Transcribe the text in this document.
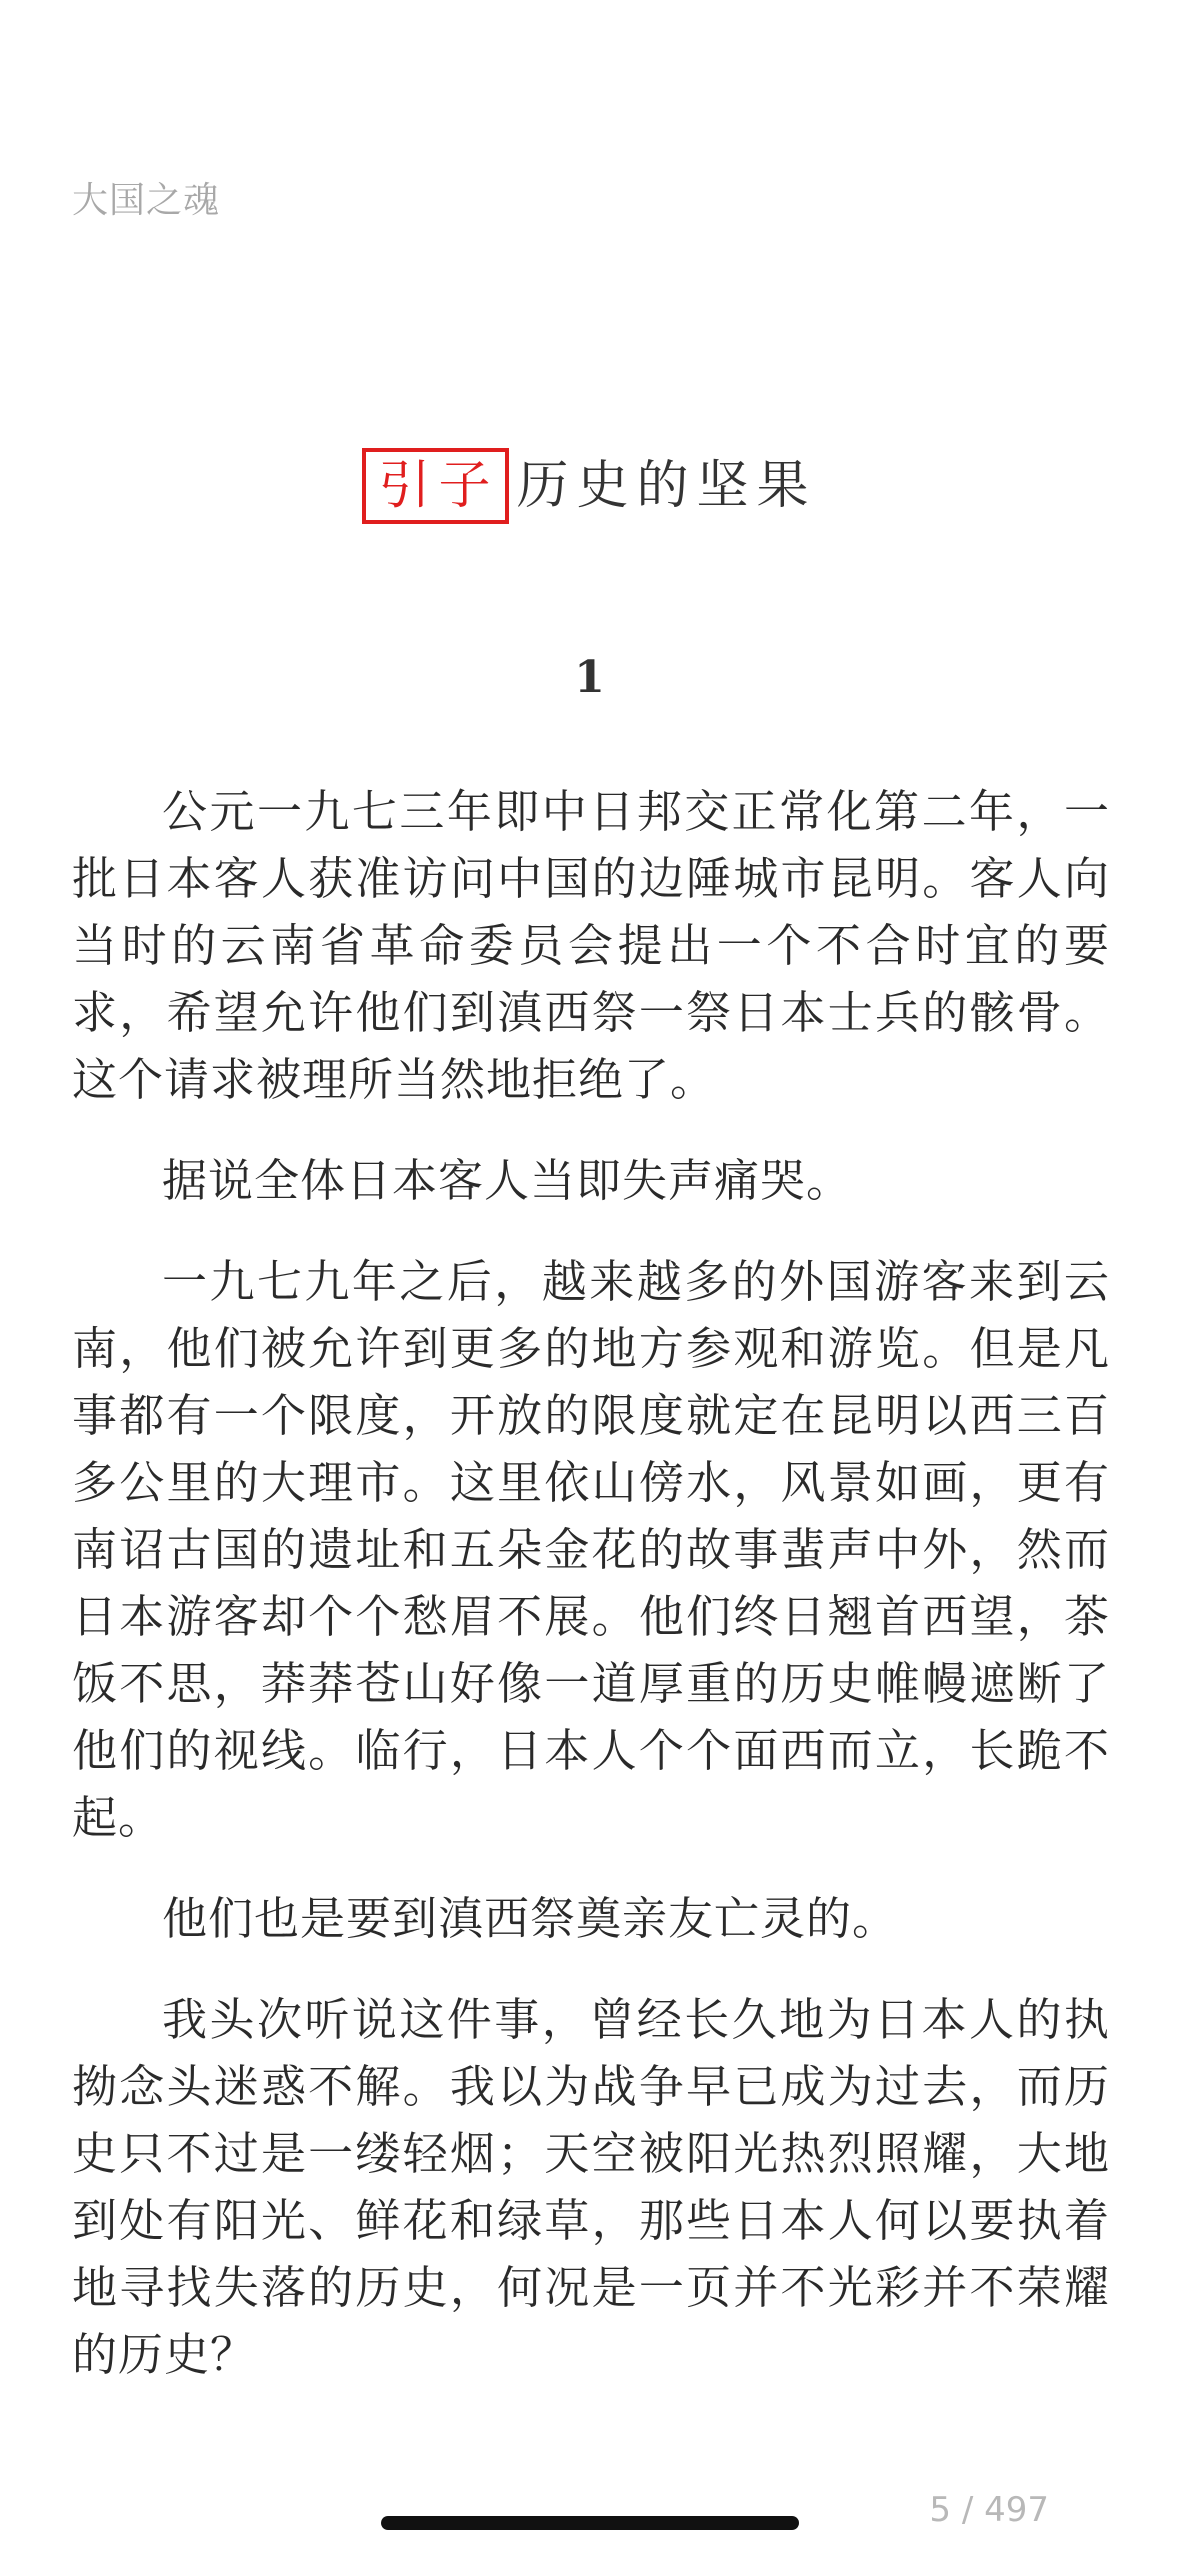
大国之魂
引子 历史的坚果
1

公元一九七三年即中日邦交正常化第二年，一批日本客人获准访问中国的边陲城市昆明。客人向当时的云南省革命委员会提出一个不合时宜的要求，希望允许他们到滇西祭一祭日本士兵的骸骨。这个请求被理所当然地拒绝了。

据说全体日本客人当即失声痛哭。

一九七九年之后，越来越多的外国游客来到云南，他们被允许到更多的地方参观和游览。但是凡事都有一个限度，开放的限度就定在昆明以西三百多公里的大理市。这里依山傍水，风景如画，更有南诏古国的遗址和五朵金花的故事蜚声中外，然而日本游客却个个愁眉不展。他们终日翘首西望，茶饭不思，莽莽苍山好像一道厚重的历史帷幔遮断了他们的视线。临行，日本人个个面西而立，长跪不起。

他们也是要到滇西祭奠亲友亡灵的。

我头次听说这件事，曾经长久地为日本人的执拗念头迷惑不解。我以为战争早已成为过去，而历史只不过是一缕轻烟；天空被阳光热烈照耀，大地到处有阳光、鲜花和绿草，那些日本人何以要执着地寻找失落的历史，何况是一页并不光彩并不荣耀的历史？

5 / 497
